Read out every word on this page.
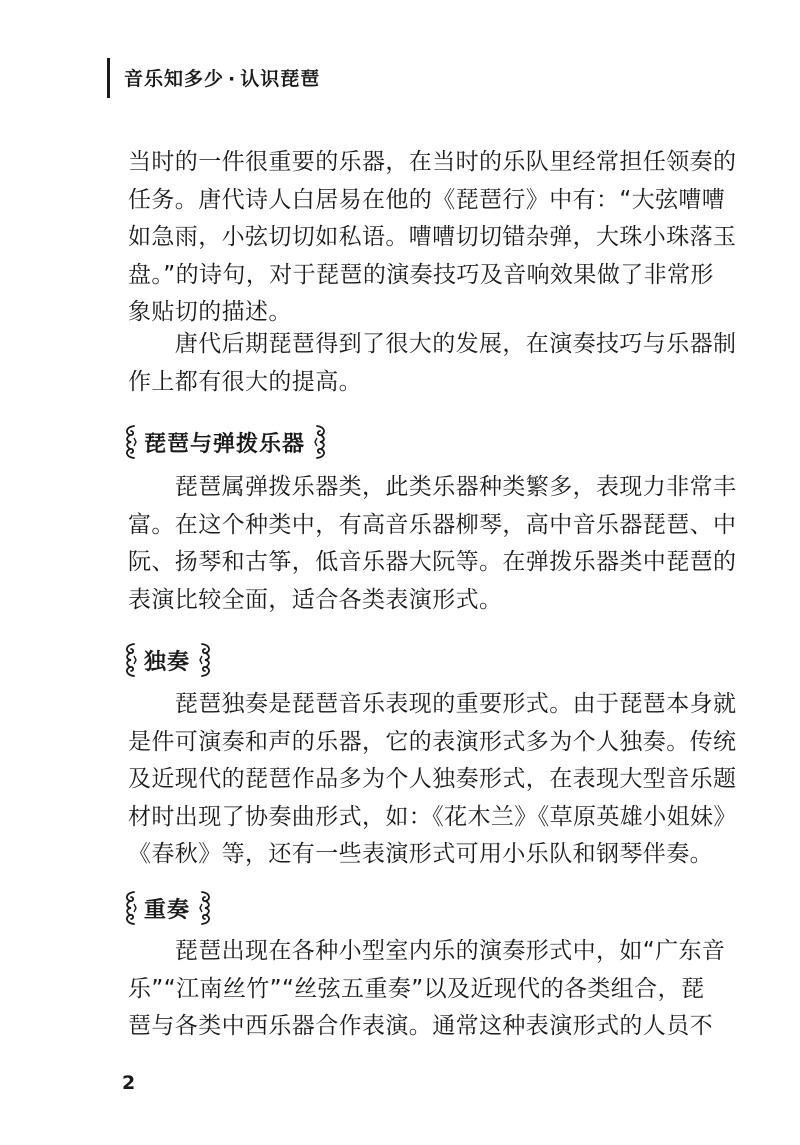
音乐知多少 · 认识琵琶
当时的一件很重要的乐器，在当时的乐队里经常担任领奏的
任务。唐代诗人白居易在他的《琵琶行》中有：“大弦嘈嘈
如急雨，小弦切切如私语。嘈嘈切切错杂弹，大珠小珠落玉
盘。”的诗句，对于琵琶的演奏技巧及音响效果做了非常形
象贴切的描述。
　　唐代后期琵琶得到了很大的发展，在演奏技巧与乐器制
作上都有很大的提高。
琵琶与弹拨乐器
　　琵琶属弹拨乐器类，此类乐器种类繁多，表现力非常丰
富。在这个种类中，有高音乐器柳琴，高中音乐器琵琶、中
阮、扬琴和古筝，低音乐器大阮等。在弹拨乐器类中琵琶的
表演比较全面，适合各类表演形式。
独奏
　　琵琶独奏是琵琶音乐表现的重要形式。由于琵琶本身就
是件可演奏和声的乐器，它的表演形式多为个人独奏。传统
及近现代的琵琶作品多为个人独奏形式，在表现大型音乐题
材时出现了协奏曲形式，如：《花木兰》《草原英雄小姐妹》
《春秋》等，还有一些表演形式可用小乐队和钢琴伴奏。
重奏
　　琵琶出现在各种小型室内乐的演奏形式中，如“广东音
乐”“江南丝竹”“丝弦五重奏”以及近现代的各类组合，琵
琶与各类中西乐器合作表演。通常这种表演形式的人员不
2
